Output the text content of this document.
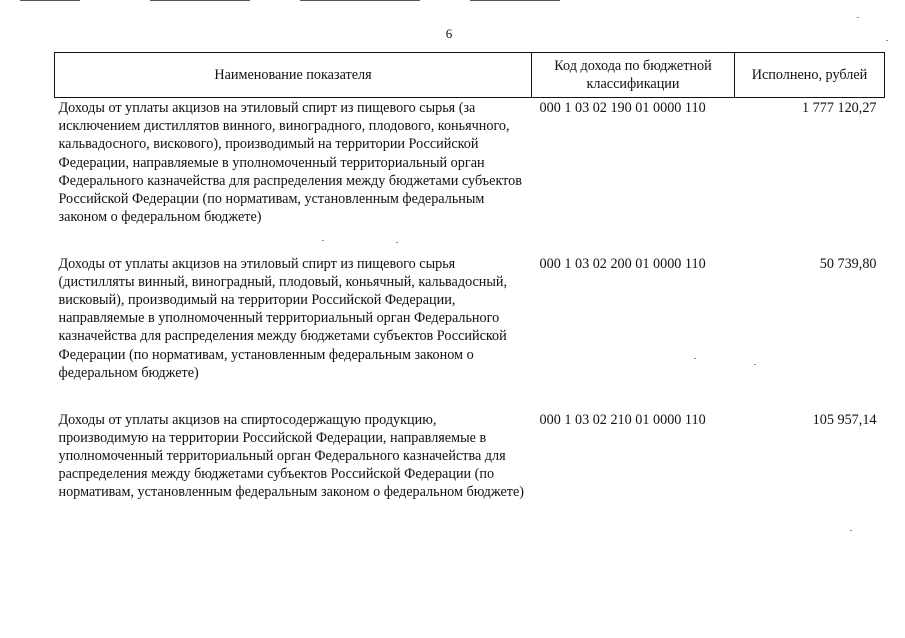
6
Наименование показателя	Код дохода по бюджетной классификации	Исполнено, рублей
Доходы от уплаты акцизов на этиловый спирт из пищевого сырья (за исключением дистиллятов винного, виноградного, плодового, коньячного, кальвадосного, вискового), производимый на территории Российской Федерации, направляемые в уполномоченный территориальный орган Федерального казначейства для распределения между бюджетами субъектов Российской Федерации (по нормативам, установленным федеральным законом о федеральном бюджете)	000 1 03 02 190 01 0000 110	1 777 120,27
Доходы от уплаты акцизов на этиловый спирт из пищевого сырья (дистилляты винный, виноградный, плодовый, коньячный, кальвадосный, висковый), производимый на территории Российской Федерации, направляемые в уполномоченный территориальный орган Федерального казначейства для распределения между бюджетами субъектов Российской Федерации (по нормативам, установленным федеральным законом о федеральном бюджете)	000 1 03 02 200 01 0000 110	50 739,80
Доходы от уплаты акцизов на спиртосодержащую продукцию, производимую на территории Российской Федерации, направляемые в уполномоченный территориальный орган Федерального казначейства для распределения между бюджетами субъектов Российской Федерации (по нормативам, установленным федеральным законом о федеральном бюджете)	000 1 03 02 210 01 0000 110	105 957,14
